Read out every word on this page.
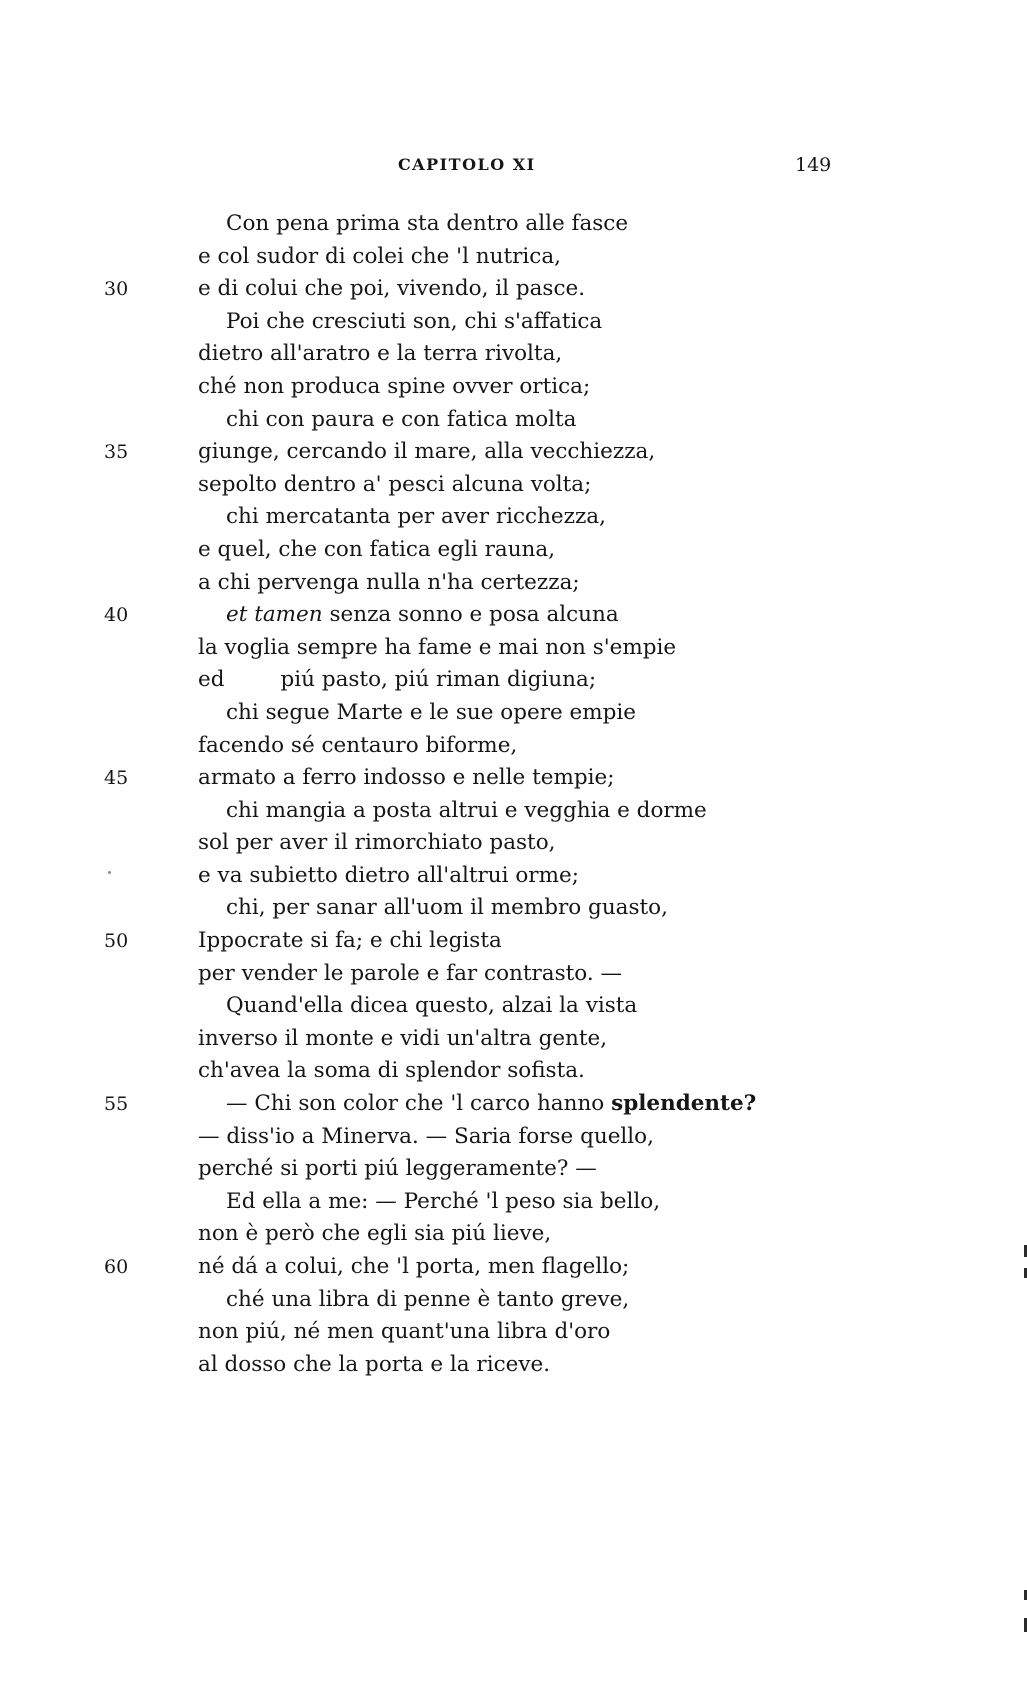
CAPITOLO XI	149
Con pena prima sta dentro alle fasce
e col sudor di colei che 'l nutrica,
30	e di colui che poi, vivendo, il pasce.
Poi che cresciuti son, chi s'affatica
dietro all'aratro e la terra rivolta,
ché non produca spine ovver ortica;
chi con paura e con fatica molta
35	giunge, cercando il mare, alla vecchiezza,
sepolto dentro a' pesci alcuna volta;
chi mercatanta per aver ricchezza,
e quel, che con fatica egli rauna,
a chi pervenga nulla n'ha certezza;
40	et tamen senza sonno e posa alcuna
la voglia sempre ha fame e mai non s'empie
ed	piú pasto, piú riman digiuna;
chi segue Marte e le sue opere empie
facendo sé centauro biforme,
45	armato a ferro indosso e nelle tempie;
chi mangia a posta altrui e vegghia e dorme
sol per aver il rimorchiato pasto,
e va subietto dietro all'altrui orme;
chi, per sanar all'uom il membro guasto,
50	Ippocrate si fa; e chi legista
per vender le parole e far contrasto. —
Quand'ella dicea questo, alzai la vista
inverso il monte e vidi un'altra gente,
ch'avea la soma di splendor sofista.
55	— Chi son color che 'l carco hanno splendente?
— diss'io a Minerva. — Saria forse quello,
perché si porti piú leggeramente? —
Ed ella a me: — Perché 'l peso sia bello,
non è però che egli sia piú lieve,
60	né dá a colui, che 'l porta, men flagello;
ché una libra di penne è tanto greve,
non piú, né men quant'una libra d'oro
al dosso che la porta e la riceve.
